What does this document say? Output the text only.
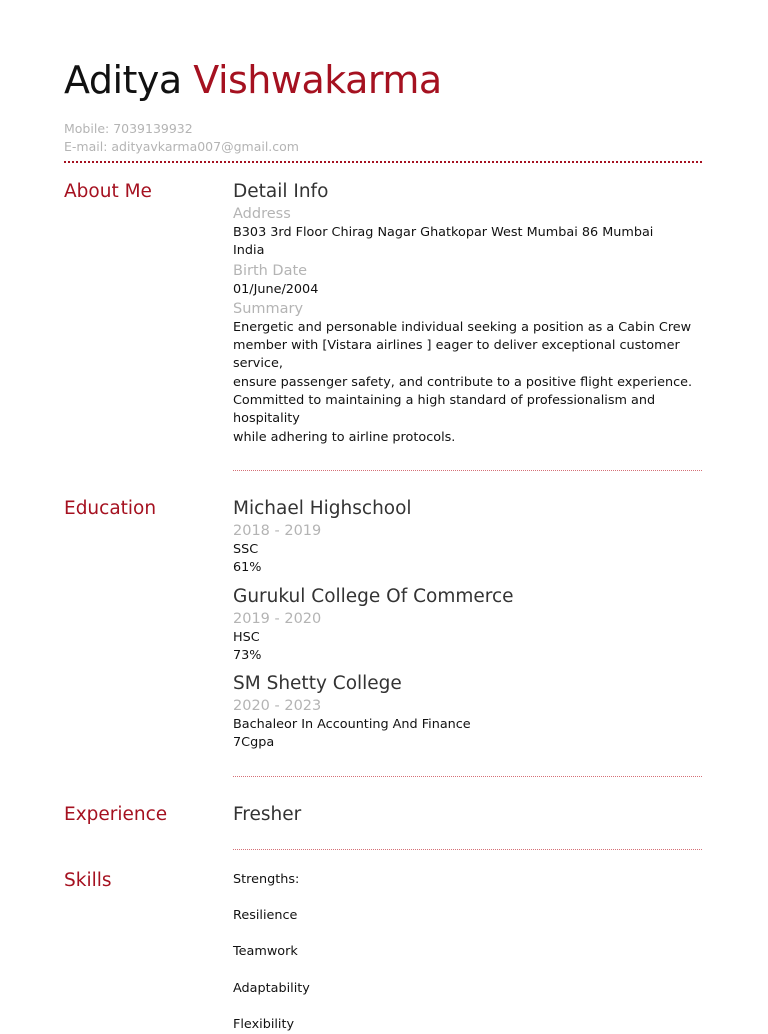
Aditya Vishwakarma
Mobile: 7039139932
E-mail: adityavkarma007@gmail.com
About Me	Detail Info
Address
B303 3rd Floor Chirag Nagar Ghatkopar West Mumbai 86 Mumbai
India
Birth Date
01/June/2004
Summary
Energetic and personable individual seeking a position as a Cabin Crew
member with [Vistara airlines ] eager to deliver exceptional customer service,
ensure passenger safety, and contribute to a positive flight experience.
Committed to maintaining a high standard of professionalism and hospitality
while adhering to airline protocols.
Education	Michael Highschool
2018 - 2019
SSC
61%
Gurukul College Of Commerce
2019 - 2020
HSC
73%
SM Shetty College
2020 - 2023
Bachaleor In Accounting And Finance
7Cgpa
Experience	Fresher
Skills	Strengths:
Resilience
Teamwork
Adaptability
Flexibility
